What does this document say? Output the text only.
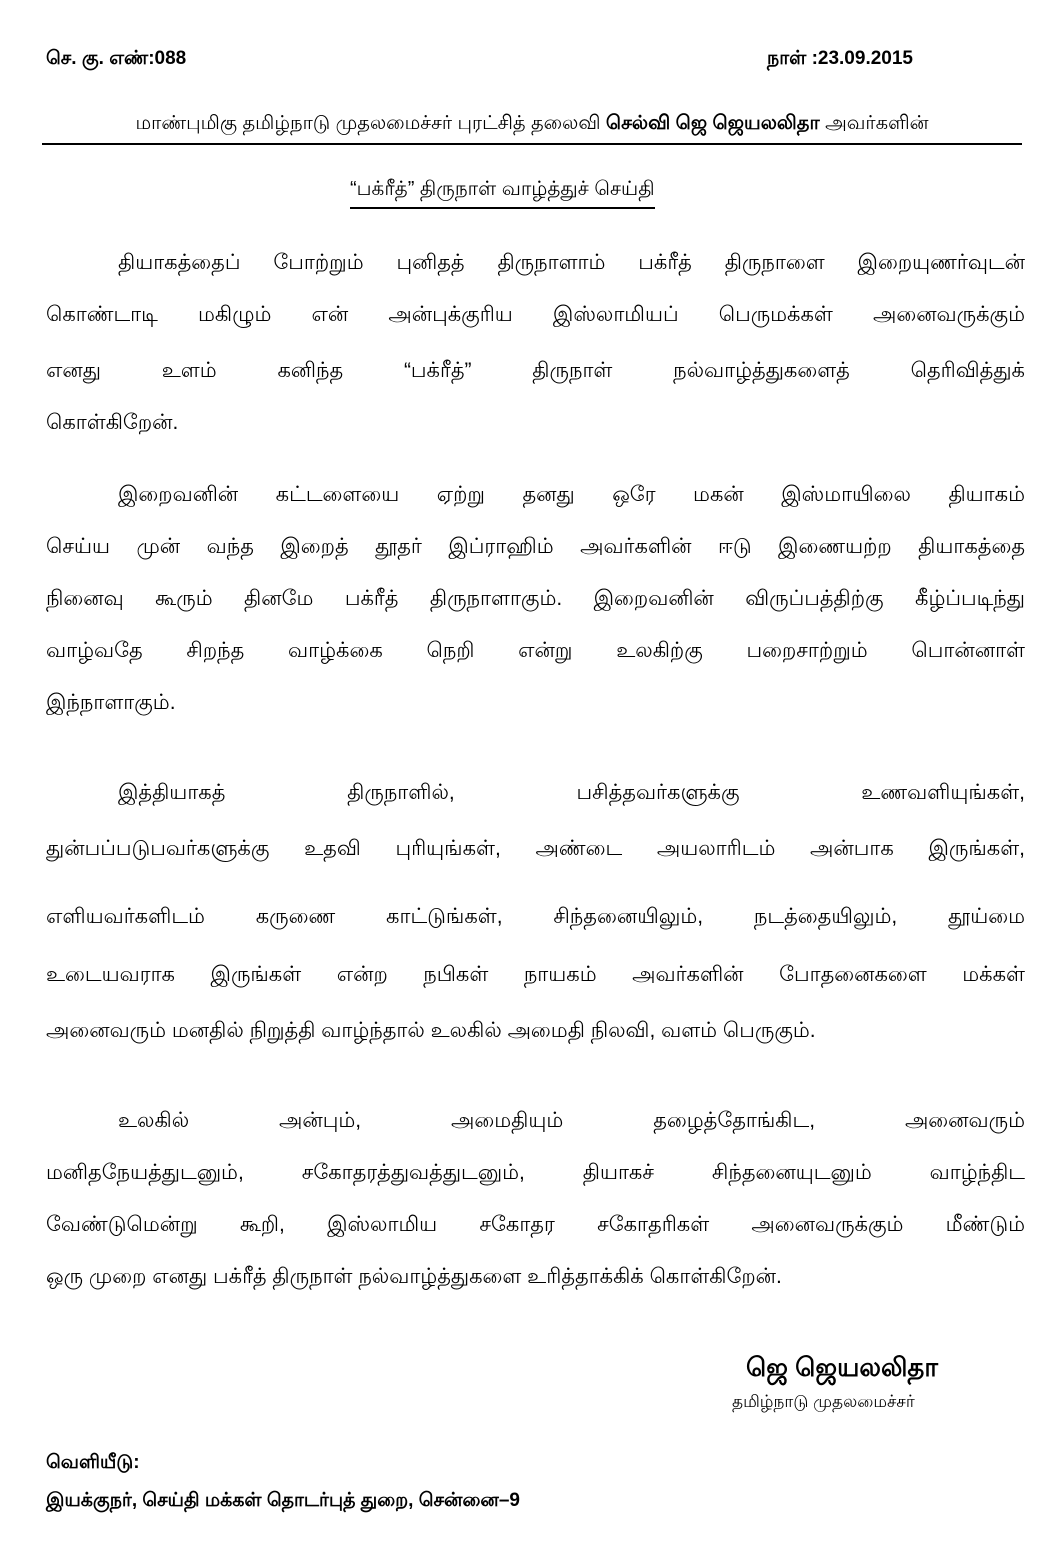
செ. கு. எண்:088	நாள் :23.09.2015
மாண்புமிகு தமிழ்நாடு முதலமைச்சர் புரட்சித் தலைவி செல்வி ஜெ ஜெயலலிதா அவர்களின்
“பக்ரீத்” திருநாள் வாழ்த்துச் செய்தி
தியாகத்தைப் போற்றும் புனிதத் திருநாளாம் பக்ரீத் திருநாளை இறையுணர்வுடன்
கொண்டாடி மகிழும் என் அன்புக்குரிய இஸ்லாமியப் பெருமக்கள் அனைவருக்கும்
எனது உளம் கனிந்த “பக்ரீத்” திருநாள் நல்வாழ்த்துகளைத் தெரிவித்துக்
கொள்கிறேன்.
இறைவனின் கட்டளையை ஏற்று தனது ஒரே மகன் இஸ்மாயிலை தியாகம்
செய்ய முன் வந்த இறைத் தூதர் இப்ராஹிம் அவர்களின் ஈடு இணையற்ற தியாகத்தை
நினைவு கூரும் தினமே பக்ரீத் திருநாளாகும். இறைவனின் விருப்பத்திற்கு கீழ்ப்படிந்து
வாழ்வதே சிறந்த வாழ்க்கை நெறி என்று உலகிற்கு பறைசாற்றும் பொன்னாள்
இந்நாளாகும்.
இத்தியாகத் திருநாளில், பசித்தவர்களுக்கு உணவளியுங்கள்,
துன்பப்படுபவர்களுக்கு உதவி புரியுங்கள், அண்டை அயலாரிடம் அன்பாக இருங்கள்,
எளியவர்களிடம் கருணை காட்டுங்கள், சிந்தனையிலும், நடத்தையிலும், தூய்மை
உடையவராக இருங்கள் என்ற நபிகள் நாயகம் அவர்களின் போதனைகளை மக்கள்
அனைவரும் மனதில் நிறுத்தி வாழ்ந்தால் உலகில் அமைதி நிலவி, வளம் பெருகும்.
உலகில் அன்பும், அமைதியும் தழைத்தோங்கிட, அனைவரும்
மனிதநேயத்துடனும், சகோதரத்துவத்துடனும், தியாகச் சிந்தனையுடனும் வாழ்ந்திட
வேண்டுமென்று கூறி, இஸ்லாமிய சகோதர சகோதரிகள் அனைவருக்கும் மீண்டும்
ஒரு முறை எனது பக்ரீத் திருநாள் நல்வாழ்த்துகளை உரித்தாக்கிக் கொள்கிறேன்.
ஜெ ஜெயலலிதா
தமிழ்நாடு முதலமைச்சர்
வெளியீடு:
இயக்குநர், செய்தி மக்கள் தொடர்புத் துறை, சென்னை–9
